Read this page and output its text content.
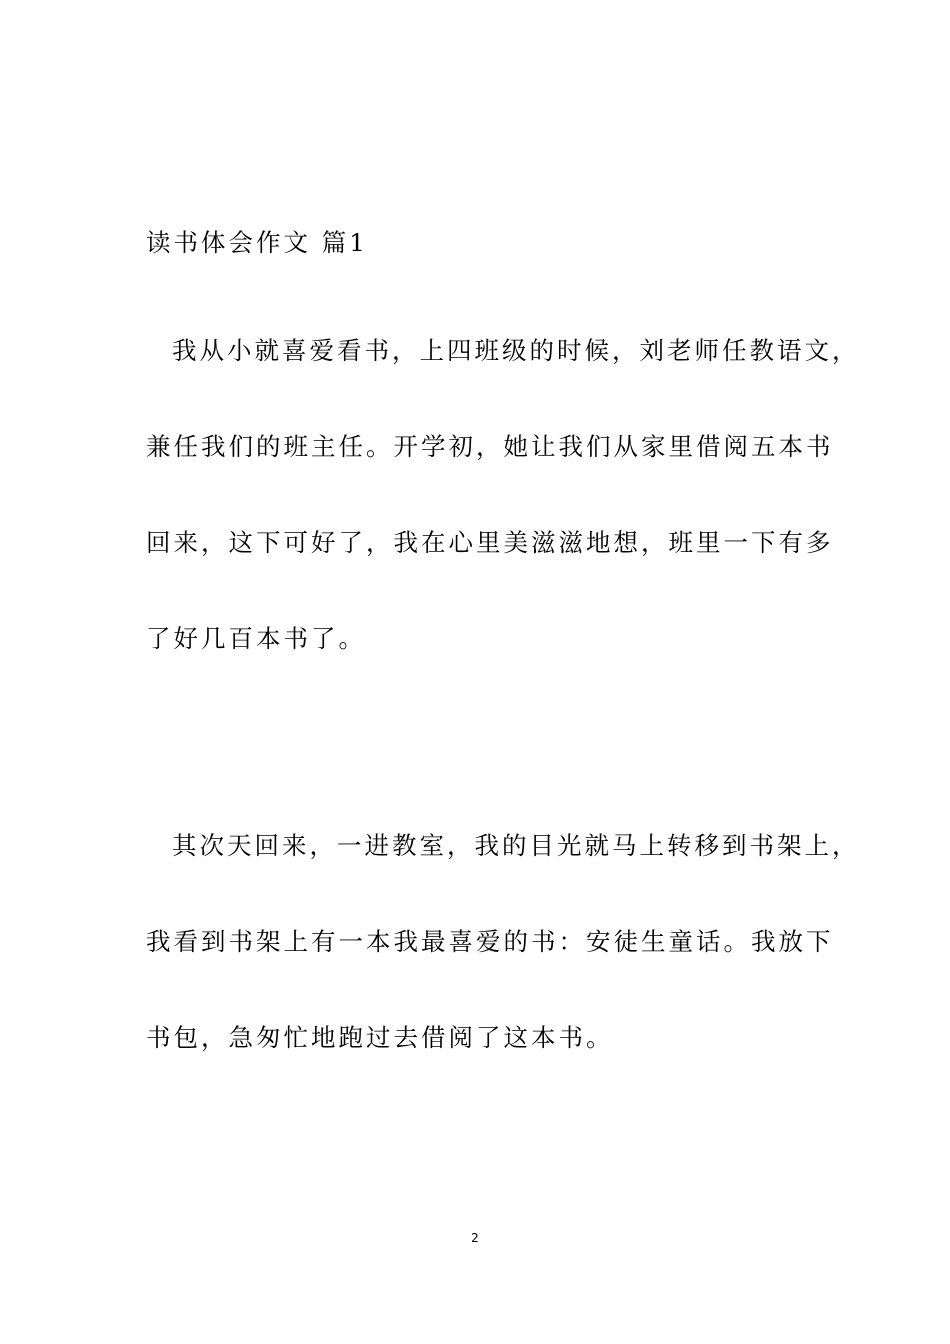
读书体会作文 篇1
我从小就喜爱看书，上四班级的时候，刘老师任教语文，
兼任我们的班主任。开学初，她让我们从家里借阅五本书
回来，这下可好了，我在心里美滋滋地想，班里一下有多
了好几百本书了。
其次天回来，一进教室，我的目光就马上转移到书架上，
我看到书架上有一本我最喜爱的书：安徒生童话。我放下
书包，急匆忙地跑过去借阅了这本书。
2
